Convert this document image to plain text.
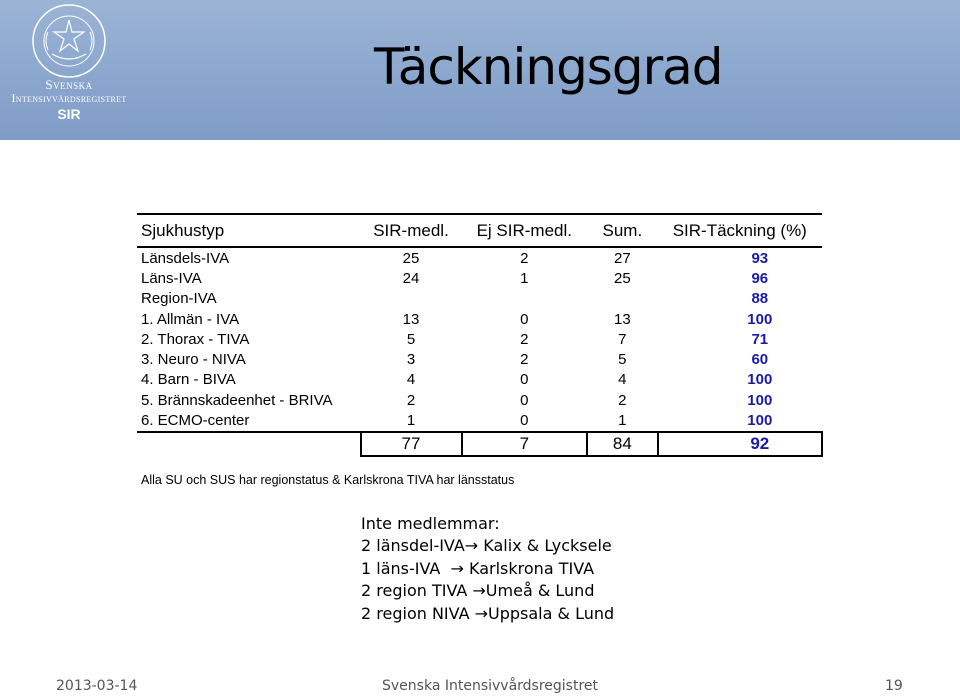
Svenska
Intensivvårdsregistret
SIR
Täckningsgrad
Sjukhustyp	SIR-medl.	Ej SIR-medl.	Sum.	SIR-Täckning (%)
Länsdels-IVA	25	2	27	93
Läns-IVA	24	1	25	96
Region-IVA				88
1. Allmän - IVA	13	0	13	100
2. Thorax - TIVA	5	2	7	71
3. Neuro - NIVA	3	2	5	60
4. Barn - BIVA	4	0	4	100
5. Brännskadeenhet - BRIVA	2	0	2	100
6. ECMO-center	1	0	1	100
	77	7	84	92
Alla SU och SUS har regionstatus & Karlskrona TIVA har länsstatus
Inte medlemmar:
2 länsdel-IVA→ Kalix & Lycksele
1 läns-IVA  → Karlskrona TIVA
2 region TIVA →Umeå & Lund
2 region NIVA →Uppsala & Lund
2013-03-14	Svenska Intensivvårdsregistret	19
